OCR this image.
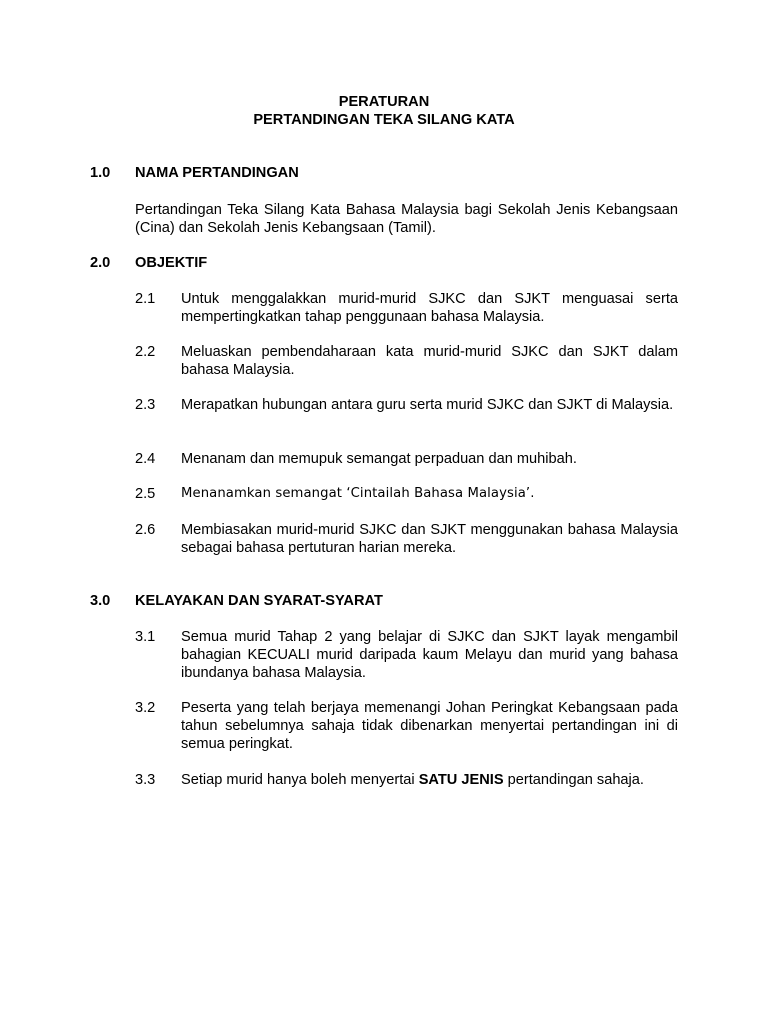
PERATURAN
PERTANDINGAN TEKA SILANG KATA
1.0 NAMA PERTANDINGAN
Pertandingan Teka Silang Kata Bahasa Malaysia bagi Sekolah Jenis Kebangsaan (Cina) dan Sekolah Jenis Kebangsaan (Tamil).
2.0 OBJEKTIF
2.1 Untuk menggalakkan murid-murid SJKC dan SJKT menguasai serta mempertingkatkan tahap penggunaan bahasa Malaysia.
2.2 Meluaskan pembendaharaan kata murid-murid SJKC dan SJKT dalam bahasa Malaysia.
2.3 Merapatkan hubungan antara guru serta murid SJKC dan SJKT di Malaysia.
2.4 Menanam dan memupuk semangat perpaduan dan muhibah.
2.5 Menanamkan semangat ‘Cintailah Bahasa Malaysia’.
2.6 Membiasakan murid-murid SJKC dan SJKT menggunakan bahasa Malaysia sebagai bahasa pertuturan harian mereka.
3.0 KELAYAKAN DAN SYARAT-SYARAT
3.1 Semua murid Tahap 2 yang belajar di SJKC dan SJKT layak mengambil bahagian KECUALI murid daripada kaum Melayu dan murid yang bahasa ibundanya bahasa Malaysia.
3.2 Peserta yang telah berjaya memenangi Johan Peringkat Kebangsaan pada tahun sebelumnya sahaja tidak dibenarkan menyertai pertandingan ini di semua peringkat.
3.3 Setiap murid hanya boleh menyertai SATU JENIS pertandingan sahaja.
